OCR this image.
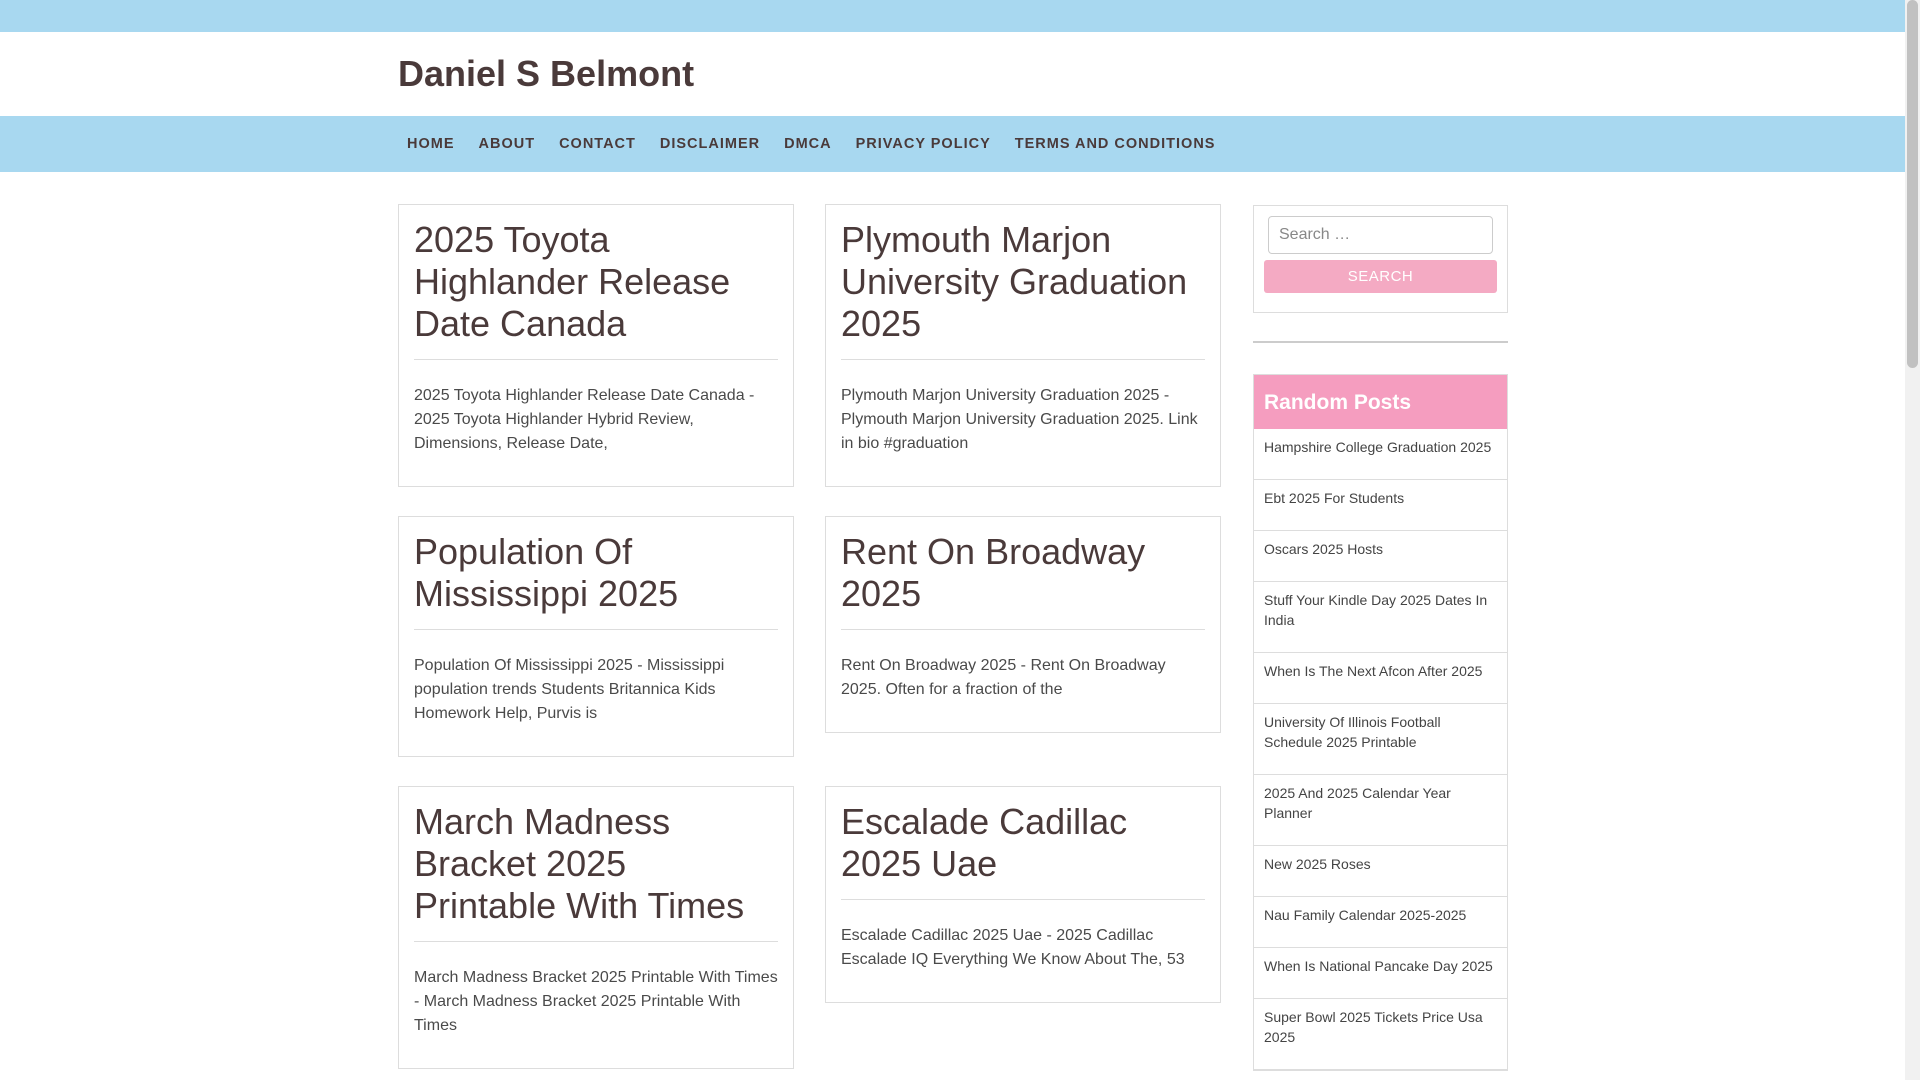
Daniel S Belmont
HOME	ABOUT	CONTACT	DISCLAIMER	DMCA	PRIVACY POLICY	TERMS AND CONDITIONS
2025 Toyota Highlander Release Date Canada

2025 Toyota Highlander Release Date Canada - 2025 Toyota Highlander Hybrid Review, Dimensions, Release Date,

Plymouth Marjon University Graduation 2025

Plymouth Marjon University Graduation 2025 - Plymouth Marjon University Graduation 2025. Link in bio #graduation

Population Of Mississippi 2025

Population Of Mississippi 2025 - Mississippi population trends Students Britannica Kids Homework Help, Purvis is

Rent On Broadway 2025

Rent On Broadway 2025 - Rent On Broadway 2025. Often for a fraction of the

March Madness Bracket 2025 Printable With Times

March Madness Bracket 2025 Printable With Times - March Madness Bracket 2025 Printable With Times

Escalade Cadillac 2025 Uae

Escalade Cadillac 2025 Uae - 2025 Cadillac Escalade IQ Everything We Know About The, 53

Search …
SEARCH
Random Posts
Hampshire College Graduation 2025
Ebt 2025 For Students
Oscars 2025 Hosts
Stuff Your Kindle Day 2025 Dates In India
When Is The Next Afcon After 2025
University Of Illinois Football Schedule 2025 Printable
2025 And 2025 Calendar Year Planner
New 2025 Roses
Nau Family Calendar 2025-2025
When Is National Pancake Day 2025
Super Bowl 2025 Tickets Price Usa 2025
